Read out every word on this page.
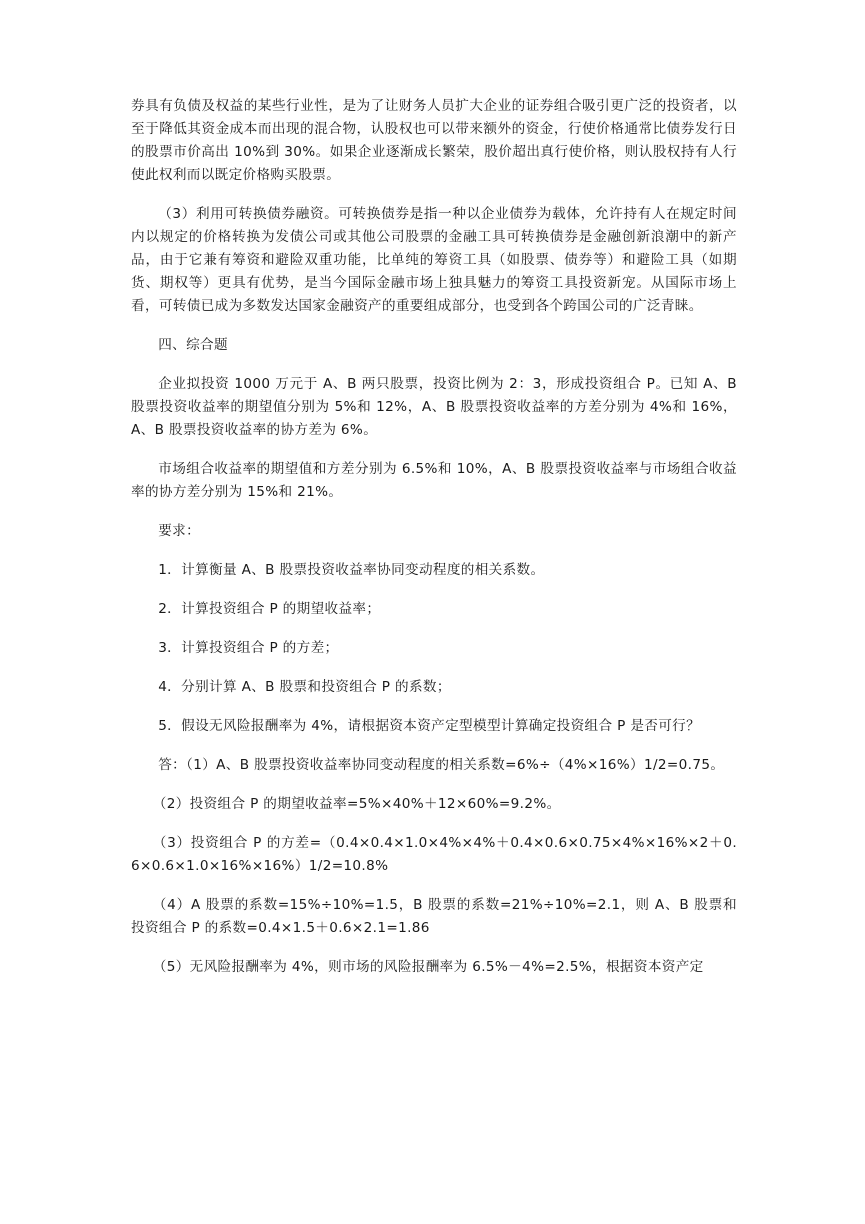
券具有负债及权益的某些行业性，是为了让财务人员扩大企业的证券组合吸引更广泛的投资者，以至于降低其资金成本而出现的混合物，认股权也可以带来额外的资金，行使价格通常比债券发行日的股票市价高出 10%到 30%。如果企业逐渐成长繁荣，股价超出真行使价格，则认股权持有人行使此权利而以既定价格购买股票。

（3）利用可转换债券融资。可转换债券是指一种以企业债券为载体，允许持有人在规定时间内以规定的价格转换为发债公司或其他公司股票的金融工具可转换债券是金融创新浪潮中的新产品，由于它兼有筹资和避险双重功能，比单纯的筹资工具（如股票、债券等）和避险工具（如期货、期权等）更具有优势，是当今国际金融市场上独具魅力的筹资工具投资新宠。从国际市场上看，可转债已成为多数发达国家金融资产的重要组成部分，也受到各个跨国公司的广泛青睐。

四、综合题

企业拟投资 1000 万元于 A、B 两只股票，投资比例为 2：3，形成投资组合 P。已知 A、B 股票投资收益率的期望值分别为 5%和 12%，A、B 股票投资收益率的方差分别为 4%和 16%，A、B 股票投资收益率的协方差为 6%。

市场组合收益率的期望值和方差分别为 6.5%和 10%，A、B 股票投资收益率与市场组合收益率的协方差分别为 15%和 21%。

要求：

1．计算衡量 A、B 股票投资收益率协同变动程度的相关系数。

2．计算投资组合 P 的期望收益率；

3．计算投资组合 P 的方差；

4．分别计算 A、B 股票和投资组合 P 的系数；

5．假设无风险报酬率为 4%，请根据资本资产定型模型计算确定投资组合 P 是否可行？

答：（1）A、B 股票投资收益率协同变动程度的相关系数=6%÷（4%×16%）1/2=0.75。

（2）投资组合 P 的期望收益率=5%×40%＋12×60%=9.2%。

（3）投资组合 P 的方差=（0.4×0.4×1.0×4%×4%＋0.4×0.6×0.75×4%×16%×2＋0.6×0.6×1.0×16%×16%）1/2=10.8%

（4）A 股票的系数=15%÷10%=1.5，B 股票的系数=21%÷10%=2.1，则 A、B 股票和投资组合 P 的系数=0.4×1.5＋0.6×2.1=1.86

（5）无风险报酬率为 4%，则市场的风险报酬率为 6.5%－4%=2.5%，根据资本资产定
